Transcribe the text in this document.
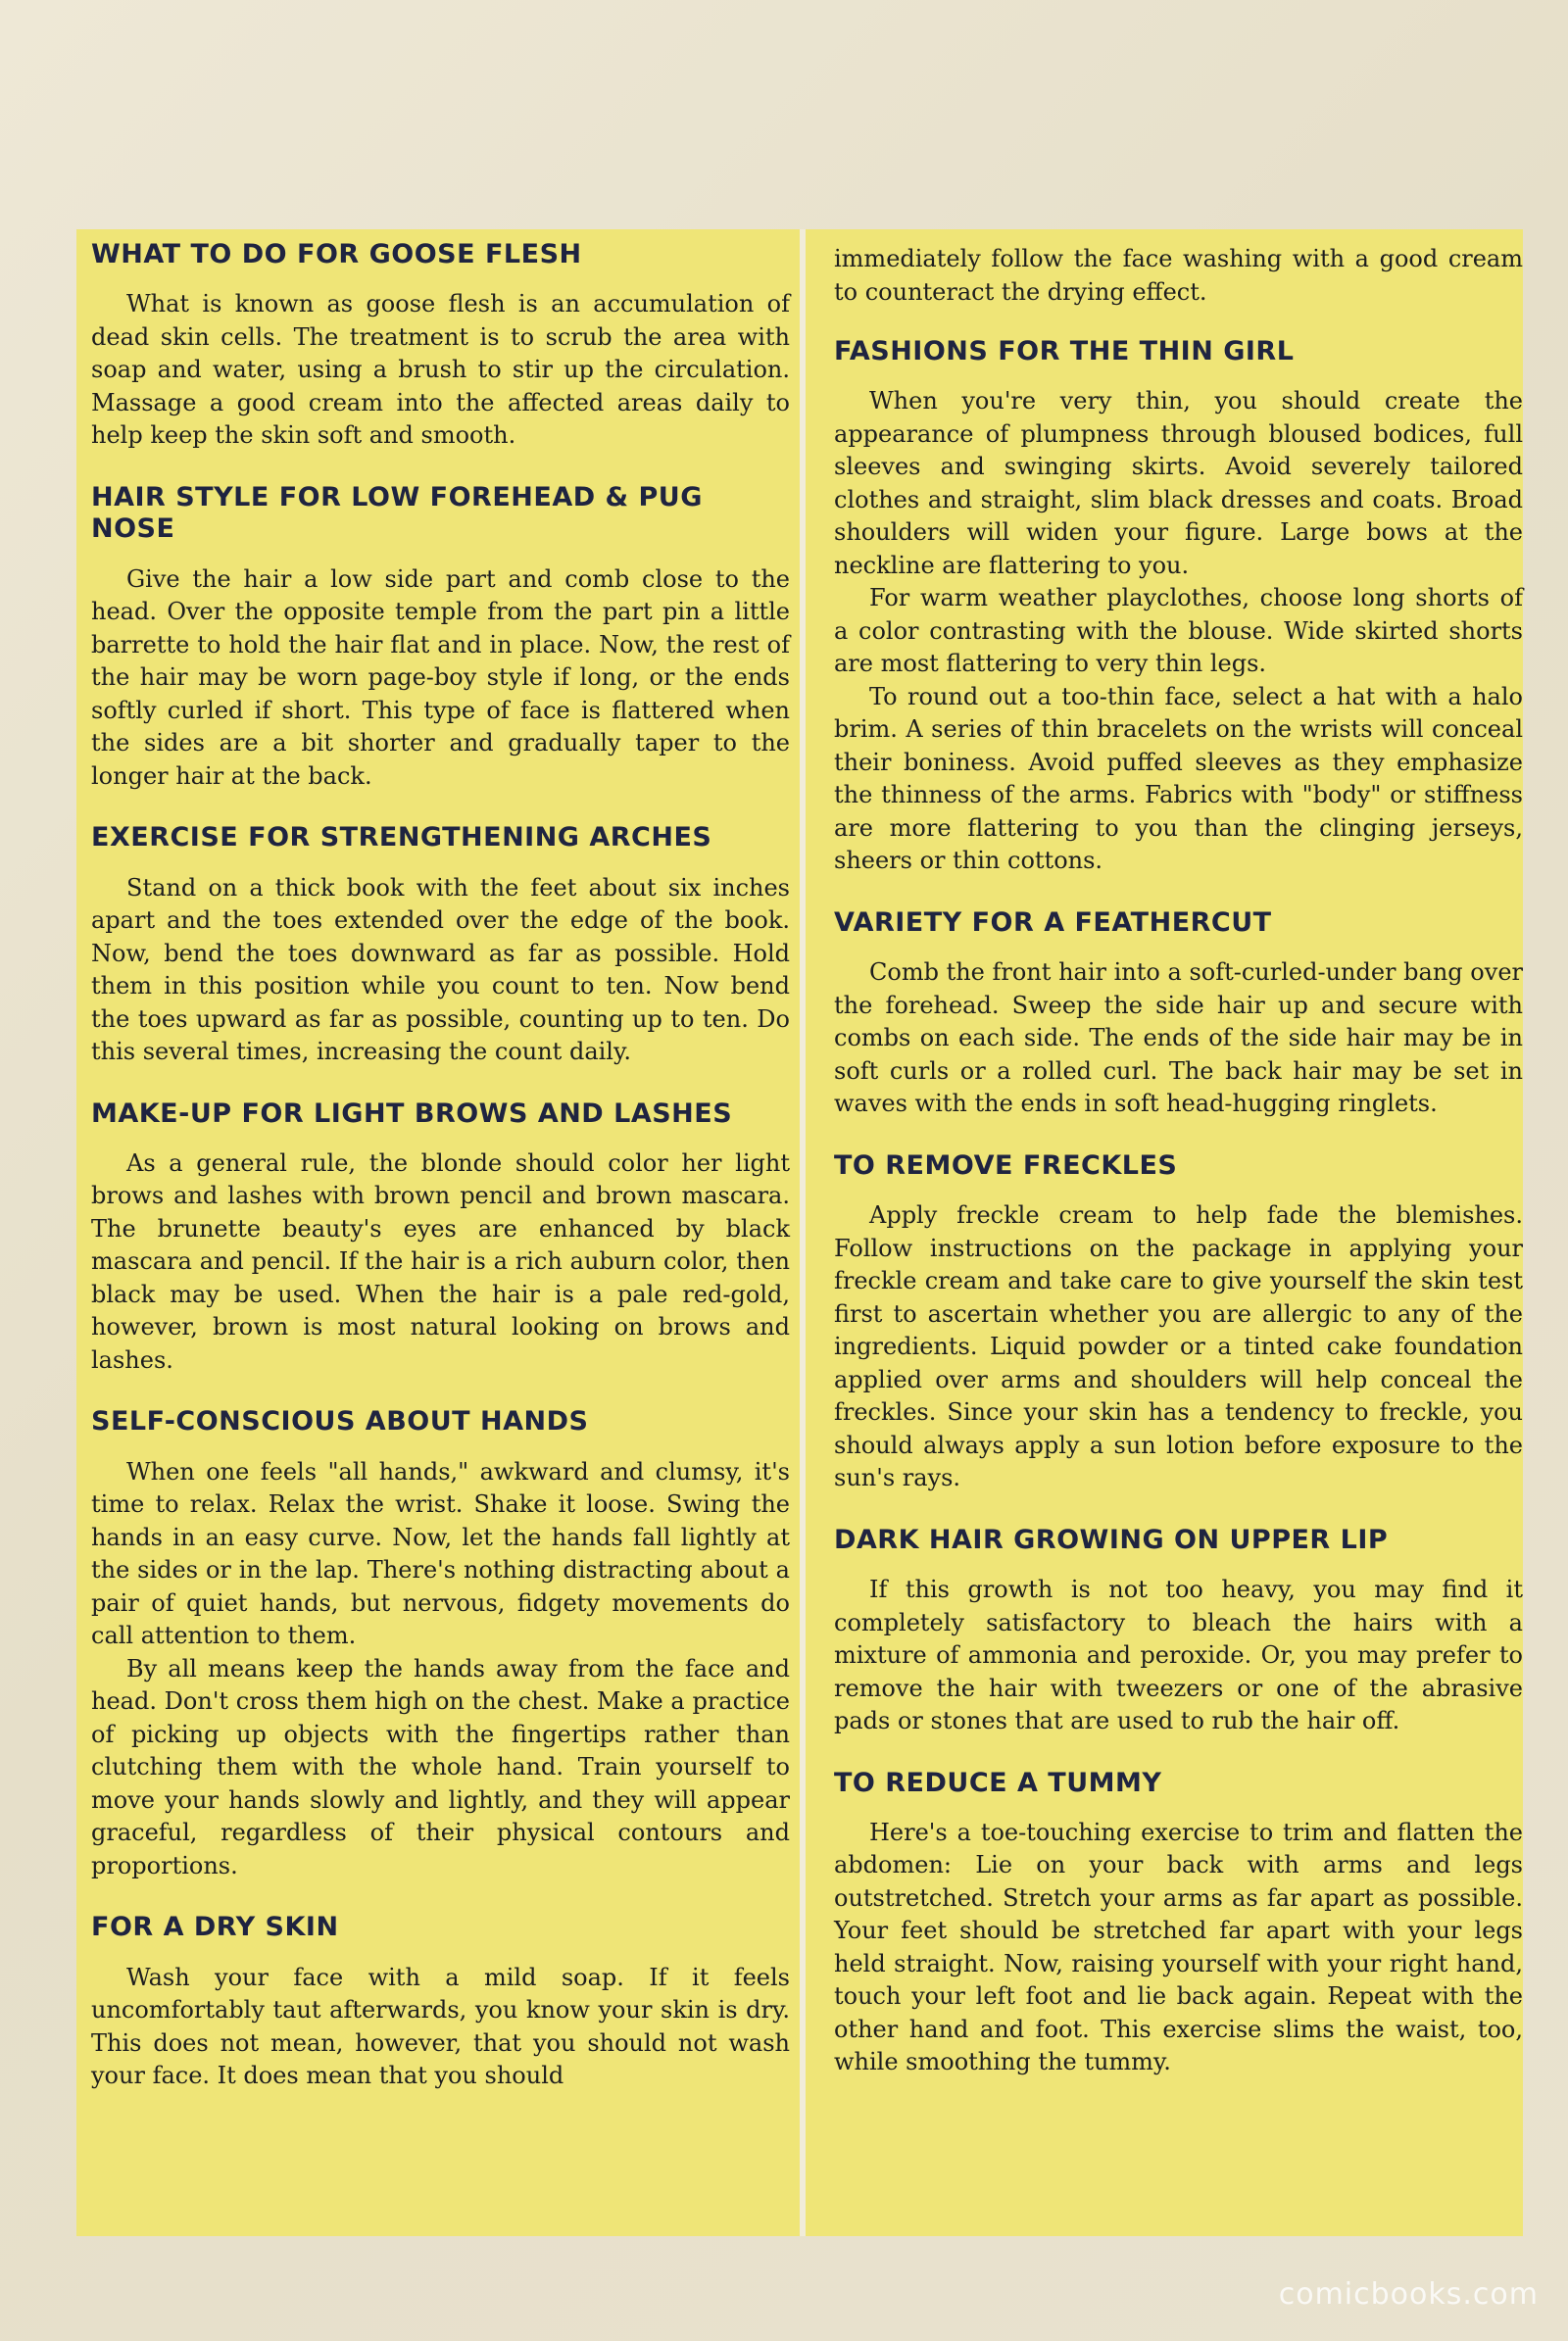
WHAT TO DO FOR GOOSE FLESH

What is known as goose flesh is an accumulation of dead skin cells. The treatment is to scrub the area with soap and water, using a brush to stir up the circulation. Massage a good cream into the affected areas daily to help keep the skin soft and smooth.

HAIR STYLE FOR LOW FOREHEAD & PUG NOSE

Give the hair a low side part and comb close to the head. Over the opposite temple from the part pin a little barrette to hold the hair flat and in place. Now, the rest of the hair may be worn page-boy style if long, or the ends softly curled if short. This type of face is flattered when the sides are a bit shorter and gradually taper to the longer hair at the back.

EXERCISE FOR STRENGTHENING ARCHES

Stand on a thick book with the feet about six inches apart and the toes extended over the edge of the book. Now, bend the toes downward as far as possible. Hold them in this position while you count to ten. Now bend the toes upward as far as possible, counting up to ten. Do this several times, increasing the count daily.

MAKE-UP FOR LIGHT BROWS AND LASHES

As a general rule, the blonde should color her light brows and lashes with brown pencil and brown mascara. The brunette beauty's eyes are enhanced by black mascara and pencil. If the hair is a rich auburn color, then black may be used. When the hair is a pale red-gold, however, brown is most natural looking on brows and lashes.

SELF-CONSCIOUS ABOUT HANDS

When one feels "all hands," awkward and clumsy, it's time to relax. Relax the wrist. Shake it loose. Swing the hands in an easy curve. Now, let the hands fall lightly at the sides or in the lap. There's nothing distracting about a pair of quiet hands, but nervous, fidgety movements do call attention to them.

By all means keep the hands away from the face and head. Don't cross them high on the chest. Make a practice of picking up objects with the fingertips rather than clutching them with the whole hand. Train yourself to move your hands slowly and lightly, and they will appear graceful, regardless of their physical contours and proportions.

FOR A DRY SKIN

Wash your face with a mild soap. If it feels uncomfortably taut afterwards, you know your skin is dry. This does not mean, however, that you should not wash your face. It does mean that you should

immediately follow the face washing with a good cream to counteract the drying effect.

FASHIONS FOR THE THIN GIRL

When you're very thin, you should create the appearance of plumpness through bloused bodices, full sleeves and swinging skirts. Avoid severely tailored clothes and straight, slim black dresses and coats. Broad shoulders will widen your figure. Large bows at the neckline are flattering to you.

For warm weather playclothes, choose long shorts of a color contrasting with the blouse. Wide skirted shorts are most flattering to very thin legs.

To round out a too-thin face, select a hat with a halo brim. A series of thin bracelets on the wrists will conceal their boniness. Avoid puffed sleeves as they emphasize the thinness of the arms. Fabrics with "body" or stiffness are more flattering to you than the clinging jerseys, sheers or thin cottons.

VARIETY FOR A FEATHERCUT

Comb the front hair into a soft-curled-under bang over the forehead. Sweep the side hair up and secure with combs on each side. The ends of the side hair may be in soft curls or a rolled curl. The back hair may be set in waves with the ends in soft head-hugging ringlets.

TO REMOVE FRECKLES

Apply freckle cream to help fade the blemishes. Follow instructions on the package in applying your freckle cream and take care to give yourself the skin test first to ascertain whether you are allergic to any of the ingredients. Liquid powder or a tinted cake foundation applied over arms and shoulders will help conceal the freckles. Since your skin has a tendency to freckle, you should always apply a sun lotion before exposure to the sun's rays.

DARK HAIR GROWING ON UPPER LIP

If this growth is not too heavy, you may find it completely satisfactory to bleach the hairs with a mixture of ammonia and peroxide. Or, you may prefer to remove the hair with tweezers or one of the abrasive pads or stones that are used to rub the hair off.

TO REDUCE A TUMMY

Here's a toe-touching exercise to trim and flatten the abdomen: Lie on your back with arms and legs outstretched. Stretch your arms as far apart as possible. Your feet should be stretched far apart with your legs held straight. Now, raising yourself with your right hand, touch your left foot and lie back again. Repeat with the other hand and foot. This exercise slims the waist, too, while smoothing the tummy.

comicbooks.com
